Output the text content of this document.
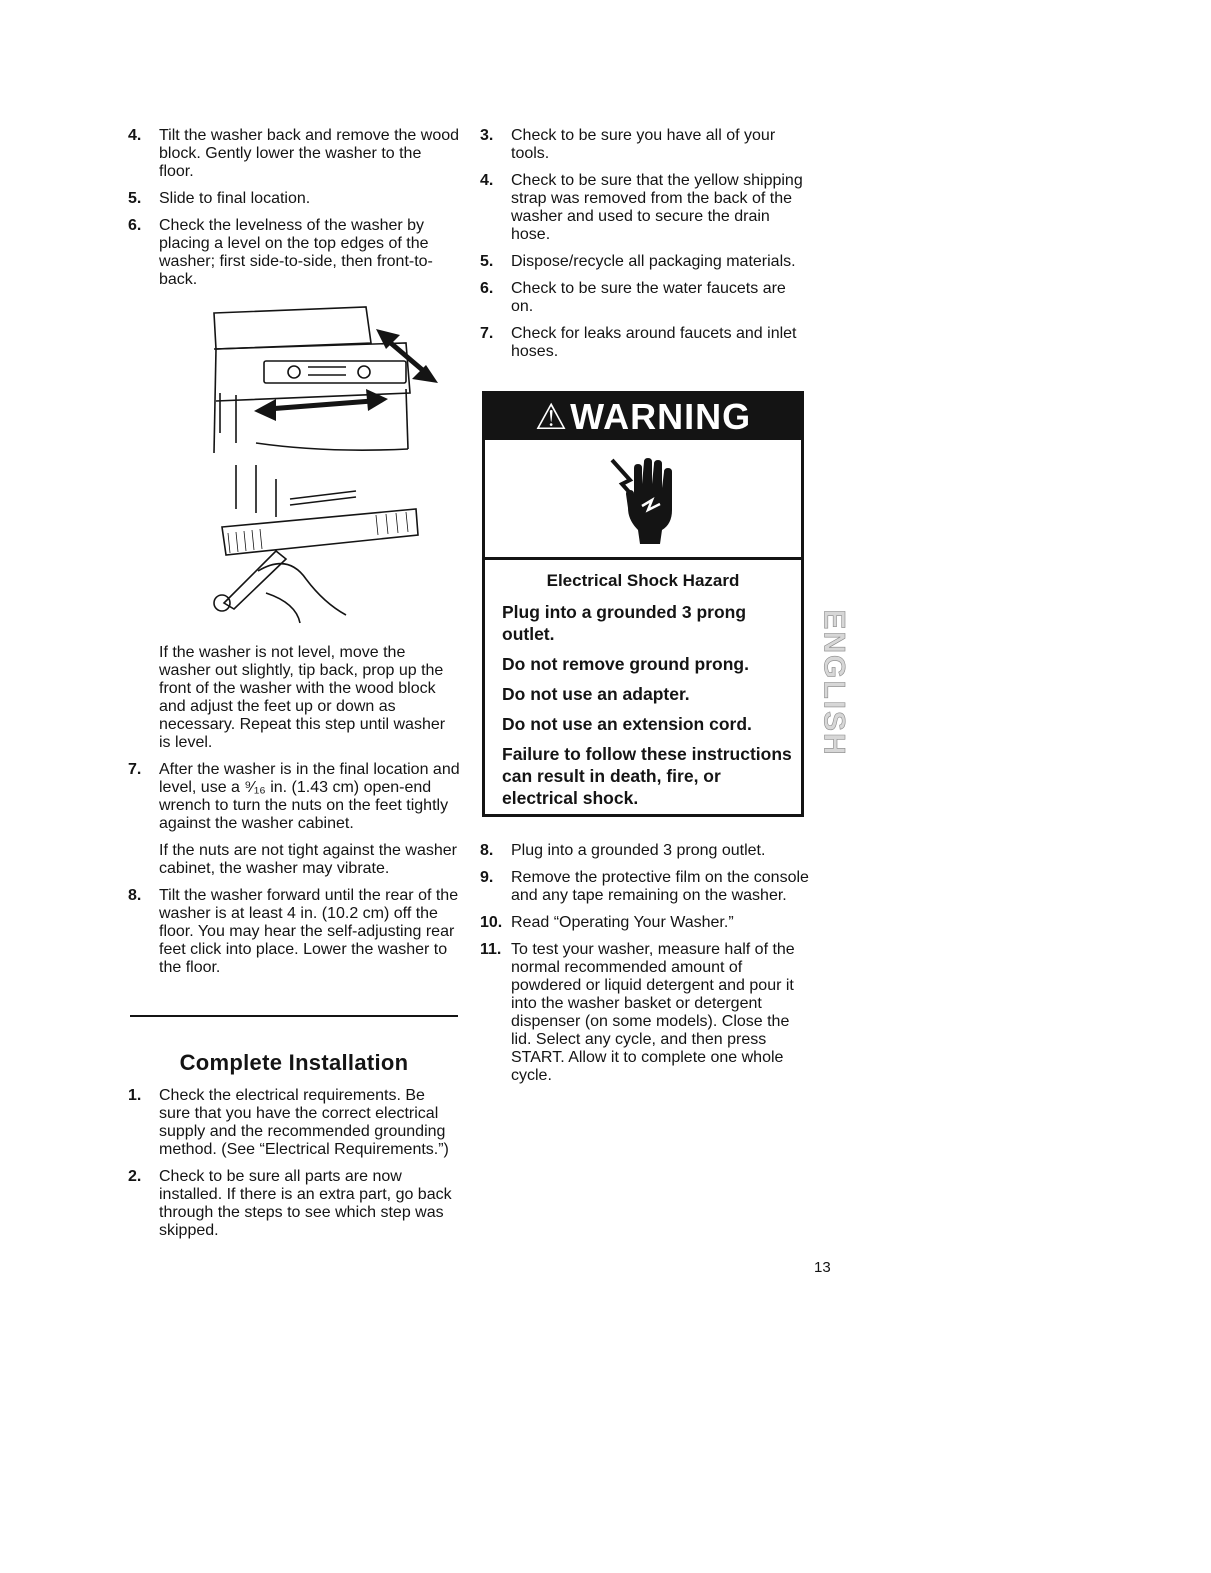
4. Tilt the washer back and remove the wood block. Gently lower the washer to the floor.
5. Slide to final location.
6. Check the levelness of the washer by placing a level on the top edges of the washer; first side-to-side, then front-to-back.
If the washer is not level, move the washer out slightly, tip back, prop up the front of the washer with the wood block and adjust the feet up or down as necessary. Repeat this step until washer is level.
7. After the washer is in the final location and level, use a ⁹⁄₁₆ in. (1.43 cm) open-end wrench to turn the nuts on the feet tightly against the washer cabinet.
If the nuts are not tight against the washer cabinet, the washer may vibrate.
8. Tilt the washer forward until the rear of the washer is at least 4 in. (10.2 cm) off the floor. You may hear the self-adjusting rear feet click into place. Lower the washer to the floor.
Complete Installation
1. Check the electrical requirements. Be sure that you have the correct electrical supply and the recommended grounding method. (See “Electrical Requirements.”)
2. Check to be sure all parts are now installed. If there is an extra part, go back through the steps to see which step was skipped.
3. Check to be sure you have all of your tools.
4. Check to be sure that the yellow shipping strap was removed from the back of the washer and used to secure the drain hose.
5. Dispose/recycle all packaging materials.
6. Check to be sure the water faucets are on.
7. Check for leaks around faucets and inlet hoses.
⚠ WARNING
Electrical Shock Hazard
Plug into a grounded 3 prong outlet.
Do not remove ground prong.
Do not use an adapter.
Do not use an extension cord.
Failure to follow these instructions can result in death, fire, or electrical shock.
8. Plug into a grounded 3 prong outlet.
9. Remove the protective film on the console and any tape remaining on the washer.
10. Read “Operating Your Washer.”
11. To test your washer, measure half of the normal recommended amount of powdered or liquid detergent and pour it into the washer basket or detergent dispenser (on some models). Close the lid. Select any cycle, and then press START. Allow it to complete one whole cycle.
ENGLISH
13
